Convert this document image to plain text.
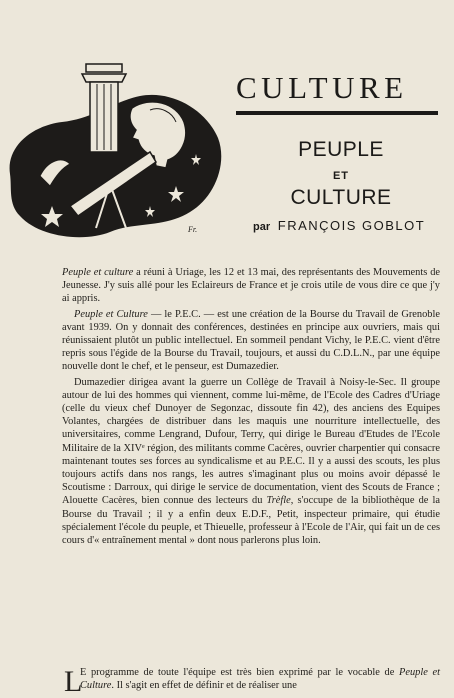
Fr.
CULTURE
PEUPLE
ET
CULTURE
par FRANÇOIS GOBLOT

Peuple et culture a réuni à Uriage, les 12 et 13 mai, des représentants des Mouvements de Jeunesse. J'y suis allé pour les Eclaireurs de France et je crois utile de vous dire ce que j'y ai appris.

Peuple et Culture — le P.E.C. — est une création de la Bourse du Travail de Grenoble avant 1939. On y donnait des conférences, destinées en principe aux ouvriers, mais qui réunissaient plutôt un public intellectuel. En sommeil pendant Vichy, le P.E.C. vient d'être repris sous l'égide de la Bourse du Travail, toujours, et aussi du C.D.L.N., par une équipe nouvelle dont le chef, et le penseur, est Dumazedier.

Dumazedier dirigea avant la guerre un Collège de Travail à Noisy-le-Sec. Il groupe autour de lui des hommes qui viennent, comme lui-même, de l'Ecole des Cadres d'Uriage (celle du vieux chef Dunoyer de Segonzac, dissoute fin 42), des anciens des Equipes Volantes, chargées de distribuer dans les maquis une nourriture intellectuelle, des universitaires, comme Lengrand, Dufour, Terry, qui dirige le Bureau d'Etudes de l'Ecole Militaire de la XIVᵉ région, des militants comme Cacères, ouvrier charpentier qui consacre maintenant toutes ses forces au syndicalisme et au P.E.C. Il y a aussi des scouts, les plus toujours actifs dans nos rangs, les autres s'imaginant plus ou moins avoir dépassé le Scoutisme : Darroux, qui dirige le service de documentation, vient des Scouts de France ; Alouette Cacères, bien connue des lecteurs du Trèfle, s'occupe de la bibliothèque de la Bourse du Travail ; il y a enfin deux E.D.F., Petit, inspecteur primaire, qui étudie spécialement l'école du peuple, et Thieuelle, professeur à l'Ecole de l'Air, qui fait un de ces cours d'« entraînement mental » dont nous parlerons plus loin.

L
E programme de toute l'équipe est très bien exprimé par le vocable de Peuple et Culture. Il s'agit en effet de définir et de réaliser une
